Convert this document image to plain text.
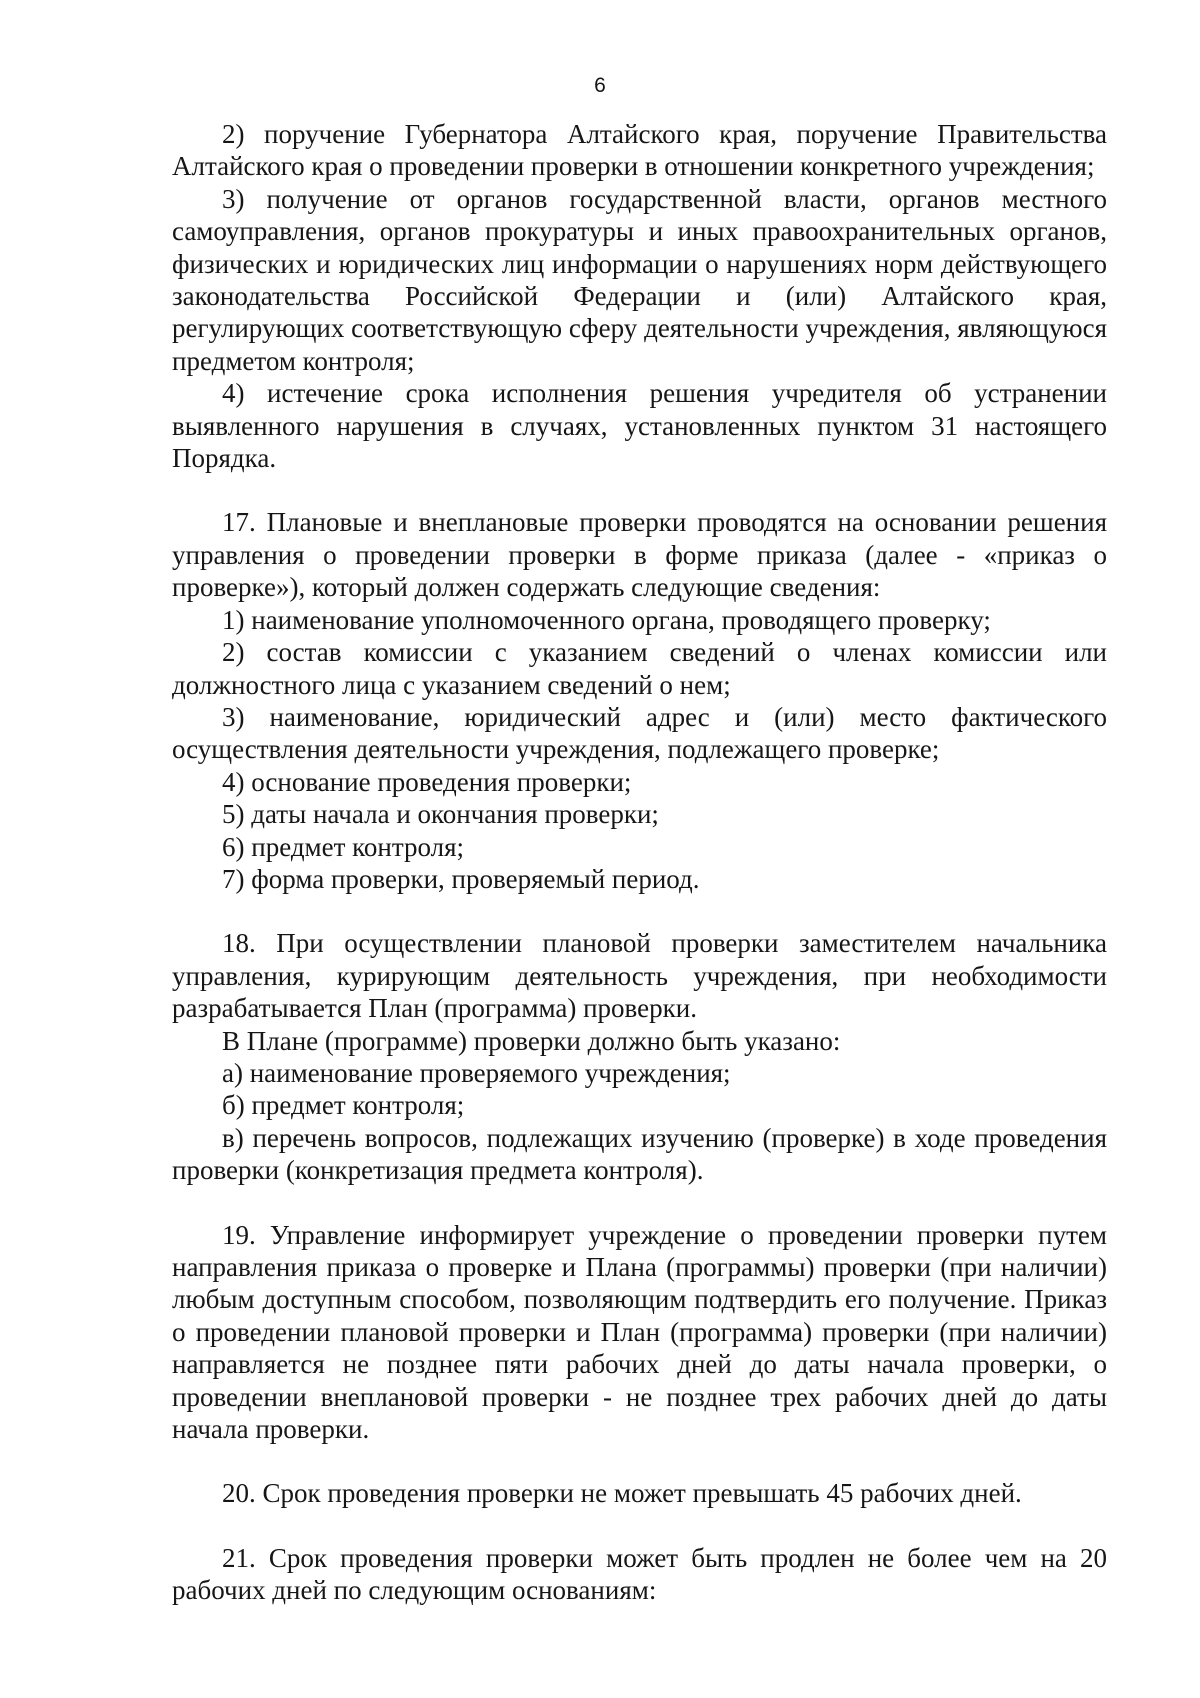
6

2) поручение Губернатора Алтайского края, поручение Правительства Алтайского края о проведении проверки в отношении конкретного учреждения;

3) получение от органов государственной власти, органов местного самоуправления, органов прокуратуры и иных правоохранительных органов, физических и юридических лиц информации о нарушениях норм действующего законодательства Российской Федерации и (или) Алтайского края, регулирующих соответствующую сферу деятельности учреждения, являющуюся предметом контроля;

4) истечение срока исполнения решения учредителя об устранении выявленного нарушения в случаях, установленных пунктом 31 настоящего Порядка.

17. Плановые и внеплановые проверки проводятся на основании решения управления о проведении проверки в форме приказа (далее - «приказ о проверке»), который должен содержать следующие сведения:

1) наименование уполномоченного органа, проводящего проверку;

2) состав комиссии с указанием сведений о членах комиссии или должностного лица с указанием сведений о нем;

3) наименование, юридический адрес и (или) место фактического осуществления деятельности учреждения, подлежащего проверке;

4) основание проведения проверки;

5) даты начала и окончания проверки;

6) предмет контроля;

7) форма проверки, проверяемый период.

18. При осуществлении плановой проверки заместителем начальника управления, курирующим деятельность учреждения, при необходимости разрабатывается План (программа) проверки.

В Плане (программе) проверки должно быть указано:

а) наименование проверяемого учреждения;

б) предмет контроля;

в) перечень вопросов, подлежащих изучению (проверке) в ходе проведения проверки (конкретизация предмета контроля).

19. Управление информирует учреждение о проведении проверки путем направления приказа о проверке и Плана (программы) проверки (при наличии) любым доступным способом, позволяющим подтвердить его получение. Приказ о проведении плановой проверки и План (программа) проверки (при наличии) направляется не позднее пяти рабочих дней до даты начала проверки, о проведении внеплановой проверки - не позднее трех рабочих дней до даты начала проверки.

20. Срок проведения проверки не может превышать 45 рабочих дней.

21. Срок проведения проверки может быть продлен не более чем на 20 рабочих дней по следующим основаниям:
